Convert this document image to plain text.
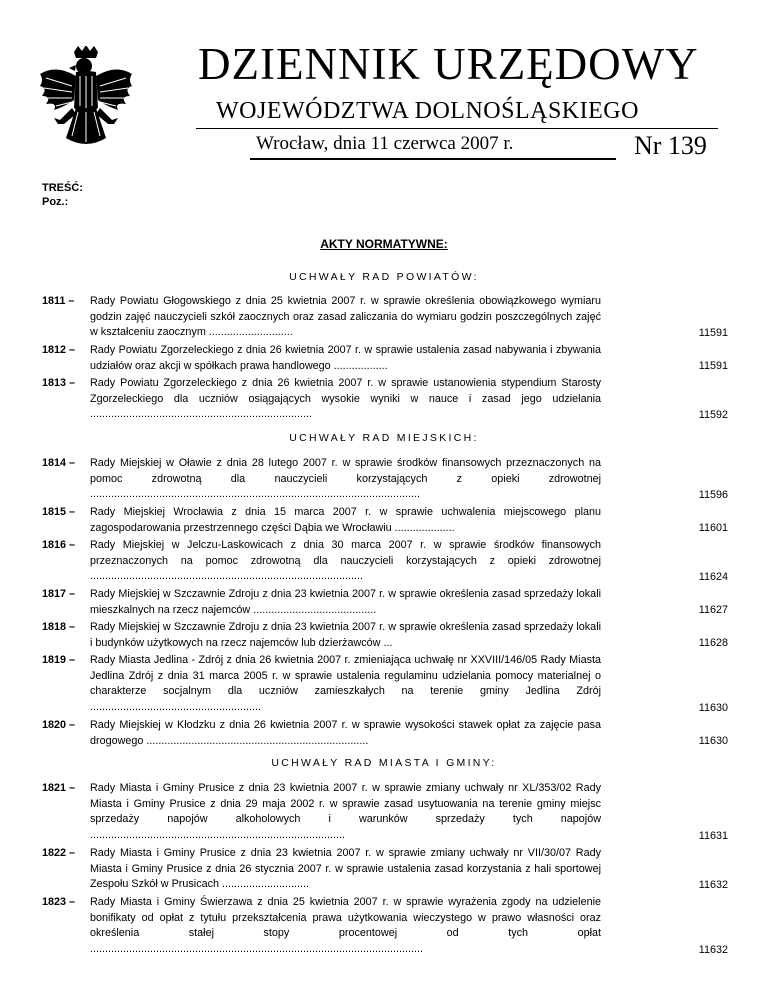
DZIENNIK URZĘDOWY
WOJEWÓDZTWA DOLNOŚLĄSKIEGO
Wrocław, dnia 11 czerwca 2007 r.	Nr 139
TREŚĆ:
Poz.:
AKTY NORMATYWNE:
UCHWAŁY RAD POWIATÓW:
1811 – Rady Powiatu Głogowskiego z dnia 25 kwietnia 2007 r. w sprawie określenia obowiązkowego wymiaru godzin zajęć nauczycieli szkół zaocznych oraz zasad zaliczania do wymiaru godzin poszczególnych zajęć w kształceniu zaocznym ............................	11591
1812 – Rady Powiatu Zgorzeleckiego z dnia 26 kwietnia 2007 r. w sprawie ustalenia zasad nabywania i zbywania udziałów oraz akcji w spółkach prawa handlowego ..................	11591
1813 – Rady Powiatu Zgorzeleckiego z dnia 26 kwietnia 2007 r. w sprawie ustanowienia stypendium Starosty Zgorzeleckiego dla uczniów osiągających wysokie wyniki w nauce i zasad jego udzielania ..........................................................................	11592
UCHWAŁY RAD MIEJSKICH:
1814 – Rady Miejskiej w Oławie z dnia 28 lutego 2007 r. w sprawie środków finansowych przeznaczonych na pomoc zdrowotną dla nauczycieli korzystających z opieki zdrowotnej ..............................................................................................................	11596
1815 – Rady Miejskiej Wrocławia z dnia 15 marca 2007 r. w sprawie uchwalenia miejscowego planu zagospodarowania przestrzennego części Dąbia we Wrocławiu ....................	11601
1816 – Rady Miejskiej w Jelczu-Laskowicach z dnia 30 marca 2007 r. w sprawie środków finansowych przeznaczonych na pomoc zdrowotną dla nauczycieli korzystających z opieki zdrowotnej ...........................................................................................	11624
1817 – Rady Miejskiej w Szczawnie Zdroju z dnia 23 kwietnia 2007 r. w sprawie określenia zasad sprzedaży lokali mieszkalnych na rzecz najemców .........................................	11627
1818 – Rady Miejskiej w Szczawnie Zdroju z dnia 23 kwietnia 2007 r. w sprawie określenia zasad sprzedaży lokali i budynków użytkowych na rzecz najemców lub dzierżawców ...	11628
1819 – Rady Miasta Jedlina - Zdrój z dnia 26 kwietnia 2007 r. zmieniająca uchwałę nr XXVIII/146/05 Rady Miasta Jedlina Zdrój z dnia 31 marca 2005 r. w sprawie ustalenia regulaminu udzielania pomocy materialnej o charakterze socjalnym dla uczniów zamieszkałych na terenie gminy Jedlina Zdrój .........................................................	11630
1820 – Rady Miejskiej w Kłodzku z dnia 26 kwietnia 2007 r. w sprawie wysokości stawek opłat za zajęcie pasa drogowego ..........................................................................	11630
UCHWAŁY RAD MIASTA I GMINY:
1821 – Rady Miasta i Gminy Prusice z dnia 23 kwietnia 2007 r. w sprawie zmiany uchwały nr XL/353/02 Rady Miasta i Gminy Prusice z dnia 29 maja 2002 r. w sprawie zasad usytuowania na terenie gminy miejsc sprzedaży napojów alkoholowych i warunków sprzedaży tych napojów .....................................................................................	11631
1822 – Rady Miasta i Gminy Prusice z dnia 23 kwietnia 2007 r. w sprawie zmiany uchwały nr VII/30/07 Rady Miasta i Gminy Prusice z dnia 26 stycznia 2007 r. w sprawie ustalenia zasad korzystania z hali sportowej Zespołu Szkół w Prusicach .............................	11632
1823 – Rady Miasta i Gminy Świerzawa z dnia 25 kwietnia 2007 r. w sprawie wyrażenia zgody na udzielenie bonifikaty od opłat z tytułu przekształcenia prawa użytkowania wieczystego w prawo własności oraz określenia stałej stopy procentowej od tych opłat ...............................................................................................................	11632
